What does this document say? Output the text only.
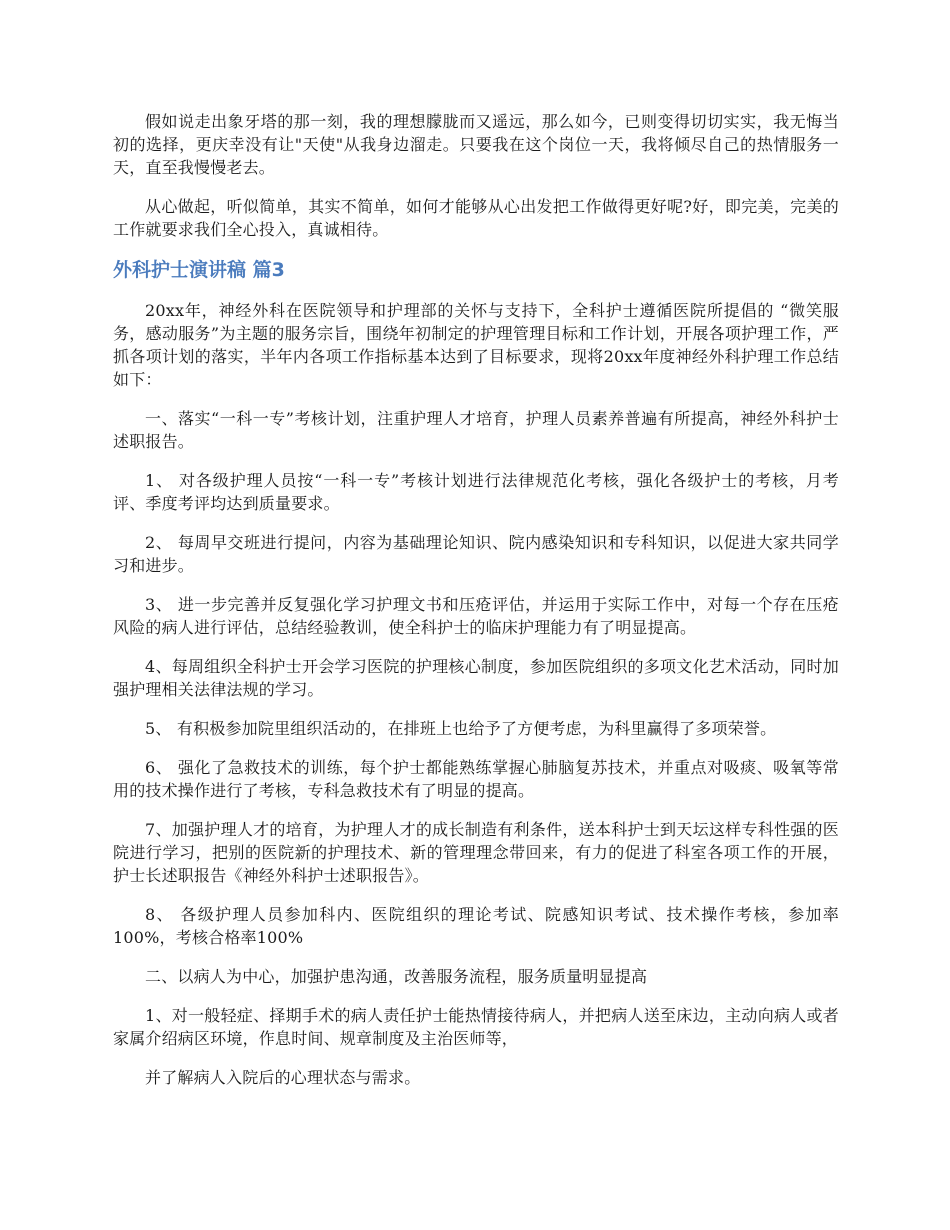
假如说走出象牙塔的那一刻，我的理想朦胧而又遥远，那么如今，已则变得切切实实，我无悔当初的选择，更庆幸没有让"天使"从我身边溜走。只要我在这个岗位一天，我将倾尽自己的热情服务一天，直至我慢慢老去。

从心做起，听似简单，其实不简单，如何才能够从心出发把工作做得更好呢?好，即完美，完美的工作就要求我们全心投入，真诚相待。

外科护士演讲稿 篇3

20xx年，神经外科在医院领导和护理部的关怀与支持下，全科护士遵循医院所提倡的 “微笑服务，感动服务”为主题的服务宗旨，围绕年初制定的护理管理目标和工作计划，开展各项护理工作，严抓各项计划的落实，半年内各项工作指标基本达到了目标要求，现将20xx年度神经外科护理工作总结如下：

一、落实“一科一专”考核计划，注重护理人才培育，护理人员素养普遍有所提高，神经外科护士述职报告。

1、 对各级护理人员按“一科一专”考核计划进行法律规范化考核，强化各级护士的考核，月考评、季度考评均达到质量要求。

2、 每周早交班进行提问，内容为基础理论知识、院内感染知识和专科知识，以促进大家共同学习和进步。

3、 进一步完善并反复强化学习护理文书和压疮评估，并运用于实际工作中，对每一个存在压疮风险的病人进行评估，总结经验教训，使全科护士的临床护理能力有了明显提高。

4、每周组织全科护士开会学习医院的护理核心制度，参加医院组织的多项文化艺术活动，同时加强护理相关法律法规的学习。

5、 有积极参加院里组织活动的，在排班上也给予了方便考虑，为科里赢得了多项荣誉。

6、 强化了急救技术的训练，每个护士都能熟练掌握心肺脑复苏技术，并重点对吸痰、吸氧等常用的技术操作进行了考核，专科急救技术有了明显的提高。

7、加强护理人才的培育，为护理人才的成长制造有利条件，送本科护士到天坛这样专科性强的医院进行学习，把别的医院新的护理技术、新的管理理念带回来，有力的促进了科室各项工作的开展，护士长述职报告《神经外科护士述职报告》。

8、 各级护理人员参加科内、医院组织的理论考试、院感知识考试、技术操作考核，参加率100%，考核合格率100%

二、以病人为中心，加强护患沟通，改善服务流程，服务质量明显提高

1、对一般轻症、择期手术的病人责任护士能热情接待病人，并把病人送至床边，主动向病人或者家属介绍病区环境，作息时间、规章制度及主治医师等，

并了解病人入院后的心理状态与需求。
